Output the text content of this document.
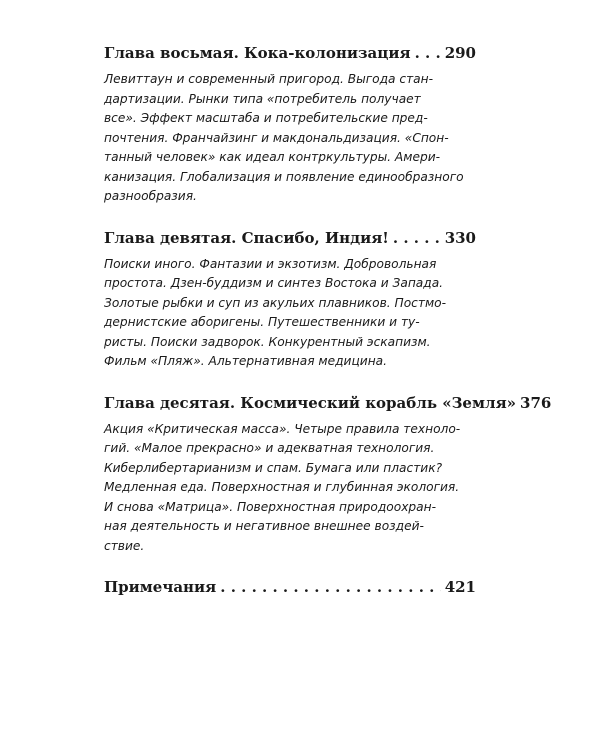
Глава восьмая. Кока-колонизация . . . 290
Левиттаун и современный пригород. Выгода стан-
дартизации. Рынки типа «потребитель получает
все». Эффект масштаба и потребительские пред-
почтения. Франчайзинг и макдональдизация. «Спон-
танный человек» как идеал контркультуры. Амери-
канизация. Глобализация и появление единообразного
разнообразия.
Глава девятая. Спасибо, Индия! . . .	330
Поиски иного. Фантазии и экзотизм. Добровольная
простота. Дзен-буддизм и синтез Востока и Запада.
Золотые рыбки и суп из акульих плавников. Постмо-
дернистские аборигены. Путешественники и ту-
ристы. Поиски задворок. Конкурентный эскапизм.
Фильм «Пляж». Альтернативная медицина.
Глава десятая. Космический корабль «Земля» 376
Акция «Критическая масса». Четыре правила техноло-
гий. «Малое прекрасно» и адекватная технология.
Киберлибертарианизм и спам. Бумага или пластик?
Медленная еда. Поверхностная и глубинная экология.
И снова «Матрица». Поверхностная природоохран-
ная деятельность и негативное внешнее воздей-
ствие.
Примечания . . .	421
